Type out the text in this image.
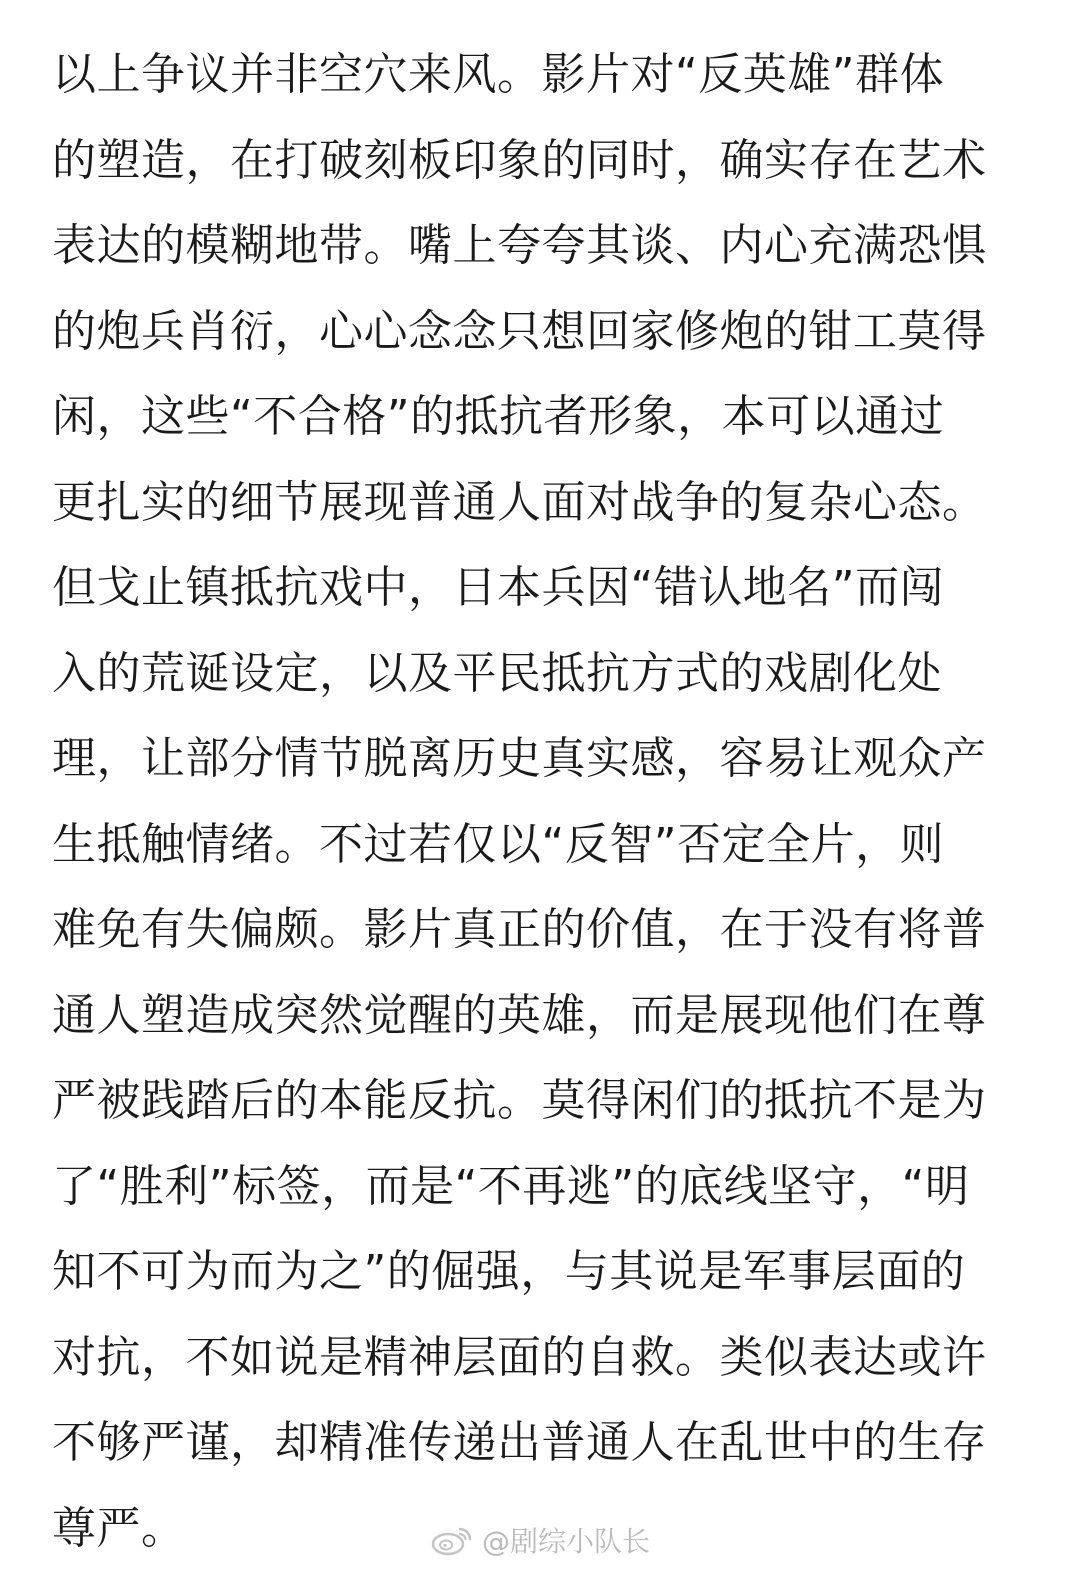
以上争议并非空穴来风。影片对“反英雄”群体
的塑造，在打破刻板印象的同时，确实存在艺术
表达的模糊地带。嘴上夸夸其谈、内心充满恐惧
的炮兵肖衍，心心念念只想回家修炮的钳工莫得
闲，这些“不合格”的抵抗者形象，本可以通过
更扎实的细节展现普通人面对战争的复杂心态。
但戈止镇抵抗戏中，日本兵因“错认地名”而闯
入的荒诞设定，以及平民抵抗方式的戏剧化处
理，让部分情节脱离历史真实感，容易让观众产
生抵触情绪。不过若仅以“反智”否定全片，则
难免有失偏颇。影片真正的价值，在于没有将普
通人塑造成突然觉醒的英雄，而是展现他们在尊
严被践踏后的本能反抗。莫得闲们的抵抗不是为
了“胜利”标签，而是“不再逃”的底线坚守，“明
知不可为而为之”的倔强，与其说是军事层面的
对抗，不如说是精神层面的自救。类似表达或许
不够严谨，却精准传递出普通人在乱世中的生存
尊严。	@剧综小队长
